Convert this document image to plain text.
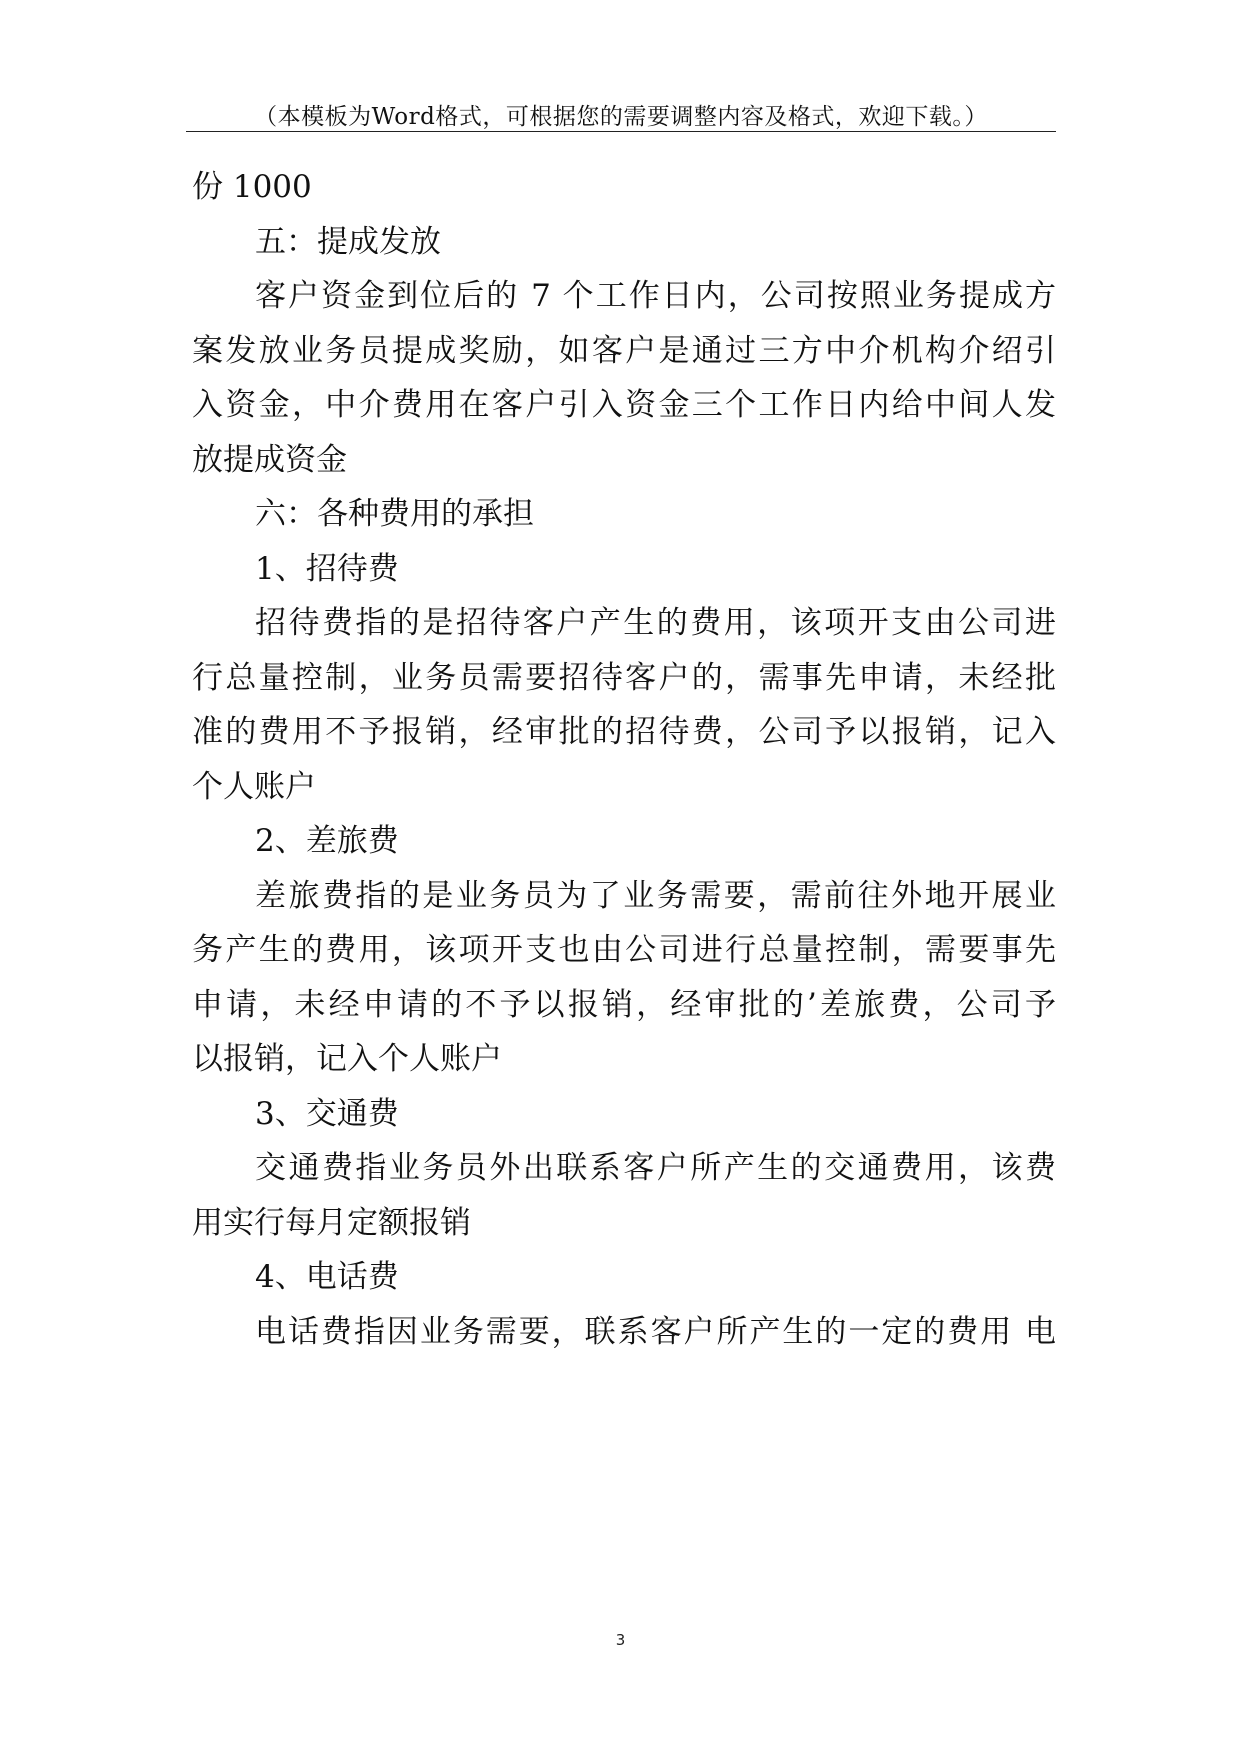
（本模板为Word格式，可根据您的需要调整内容及格式，欢迎下载。）
份 1000
五：提成发放
客户资金到位后的 7 个工作日内，公司按照业务提成方
案发放业务员提成奖励，如客户是通过三方中介机构介绍引
入资金，中介费用在客户引入资金三个工作日内给中间人发
放提成资金
六：各种费用的承担
1、招待费
招待费指的是招待客户产生的费用，该项开支由公司进
行总量控制，业务员需要招待客户的，需事先申请，未经批
准的费用不予报销，经审批的招待费，公司予以报销，记入
个人账户
2、差旅费
差旅费指的是业务员为了业务需要，需前往外地开展业
务产生的费用，该项开支也由公司进行总量控制，需要事先
申请，未经申请的不予以报销，经审批的’差旅费，公司予
以报销，记入个人账户
3、交通费
交通费指业务员外出联系客户所产生的交通费用，该费
用实行每月定额报销
4、电话费
电话费指因业务需要，联系客户所产生的一定的费用 电
3
